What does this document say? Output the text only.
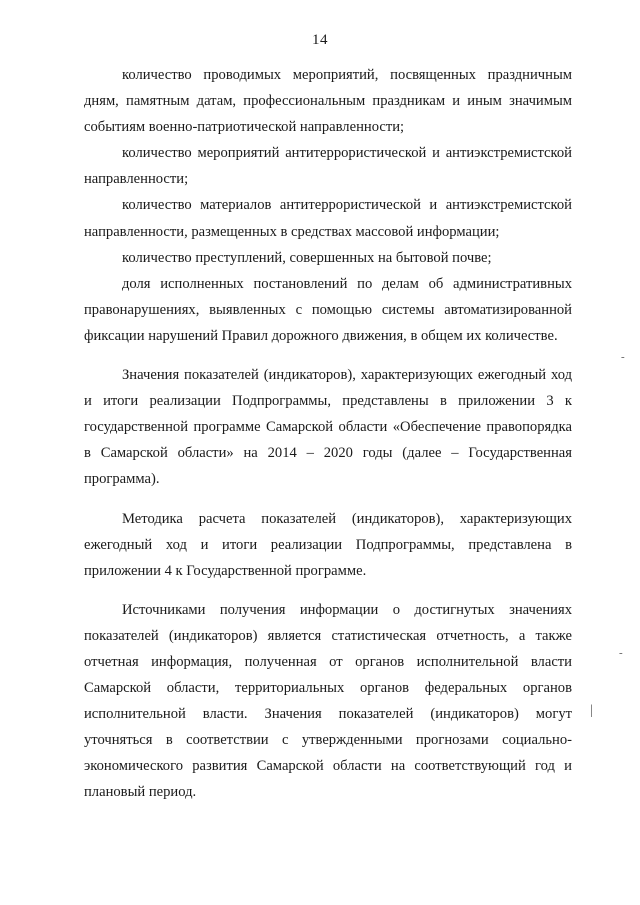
14

количество проводимых мероприятий, посвященных праздничным дням, памятным датам, профессиональным праздникам и иным значимым событиям военно-патриотической направленности;

количество мероприятий антитеррористической и антиэкстремистской направленности;

количество материалов антитеррористической и антиэкстремистской направленности, размещенных в средствах массовой информации;

количество преступлений, совершенных на бытовой почве;

доля исполненных постановлений по делам об административных правонарушениях, выявленных с помощью системы автоматизированной фиксации нарушений Правил дорожного движения, в общем их количестве.

Значения показателей (индикаторов), характеризующих ежегодный ход и итоги реализации Подпрограммы, представлены в приложении 3 к государственной программе Самарской области «Обеспечение правопорядка в Самарской области» на 2014 – 2020 годы (далее – Государственная программа).

Методика расчета показателей (индикаторов), характеризующих ежегодный ход и итоги реализации Подпрограммы, представлена в приложении 4 к Государственной программе.

Источниками получения информации о достигнутых значениях показателей (индикаторов) является статистическая отчетность, а также отчетная информация, полученная от органов исполнительной власти Самарской области, территориальных органов федеральных органов исполнительной власти. Значения показателей (индикаторов) могут уточняться в соответствии с утвержденными прогнозами социально-экономического развития Самарской области на соответствующий год и плановый период.

-
-
|
